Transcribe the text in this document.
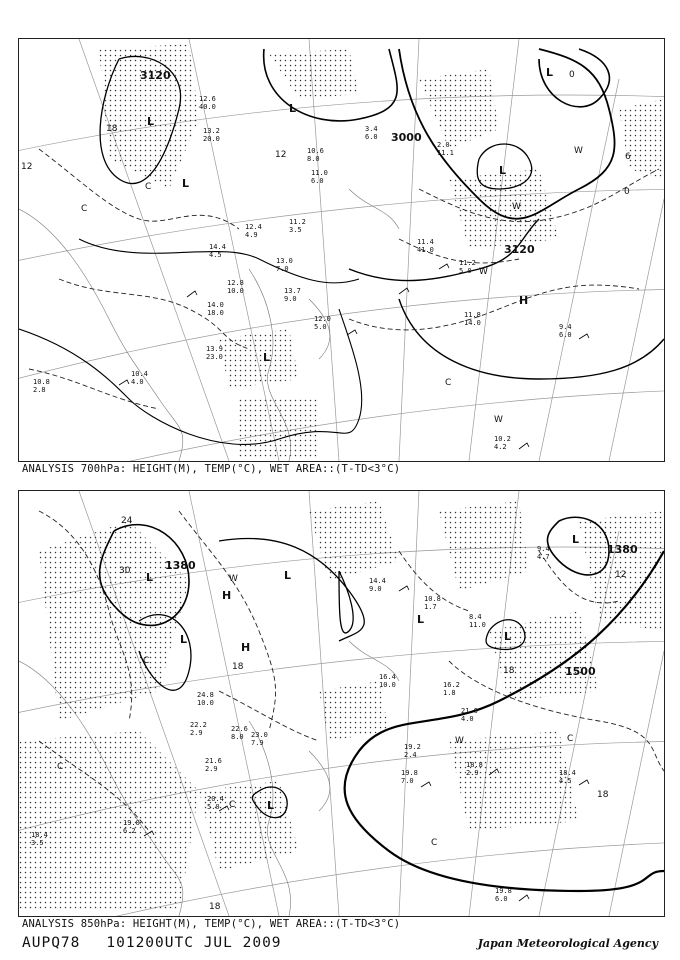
3120
3000
3120
18
12
12
0
6
0
L
L
L
L
L
H
L
C
C
C
W
W
W
W
12.6
40.0
13.2
20.0
10.6
8.0
11.0
6.0
12.4
4.9
11.2
3.5
14.4
4.5
13.0
7.0
12.8
10.0	13.7
9.0
14.0
18.0
12.0
5.0
13.9
23.0
10.4
4.0
10.8
2.8
11.4
41.0
11.2
5.0
11.8
14.0	9.4
6.0
10.2
4.2
3.4
6.0
2.0
11.1
ANALYSIS 700hPa: HEIGHT(M), TEMP(°C), WET AREA::(T-TD<3°C)
1380
1380
1500
24
30
18	18
12
18
18
L
H
L
H
L
L
L
L
L
W
C
C
C
C
W	C
24.8
10.0
22.2
2.9	22.6
8.0 23.0
7.9
21.6
2.9
20.4
5.0
19.0
6.2
18.4
3.5
14.4
9.0
16.4
10.0	16.2
1.8
19.2
2.4
19.8
7.0
18.8
2.9	18.4
4.5
19.8
6.0
21.6
4.0
9.4
4.7
8.4
11.0
10.8
1.7
ANALYSIS 850hPa: HEIGHT(M), TEMP(°C), WET AREA::(T-TD<3°C)
AUPQ78 101200UTC JUL 2009	Japan Meteorological Agency
